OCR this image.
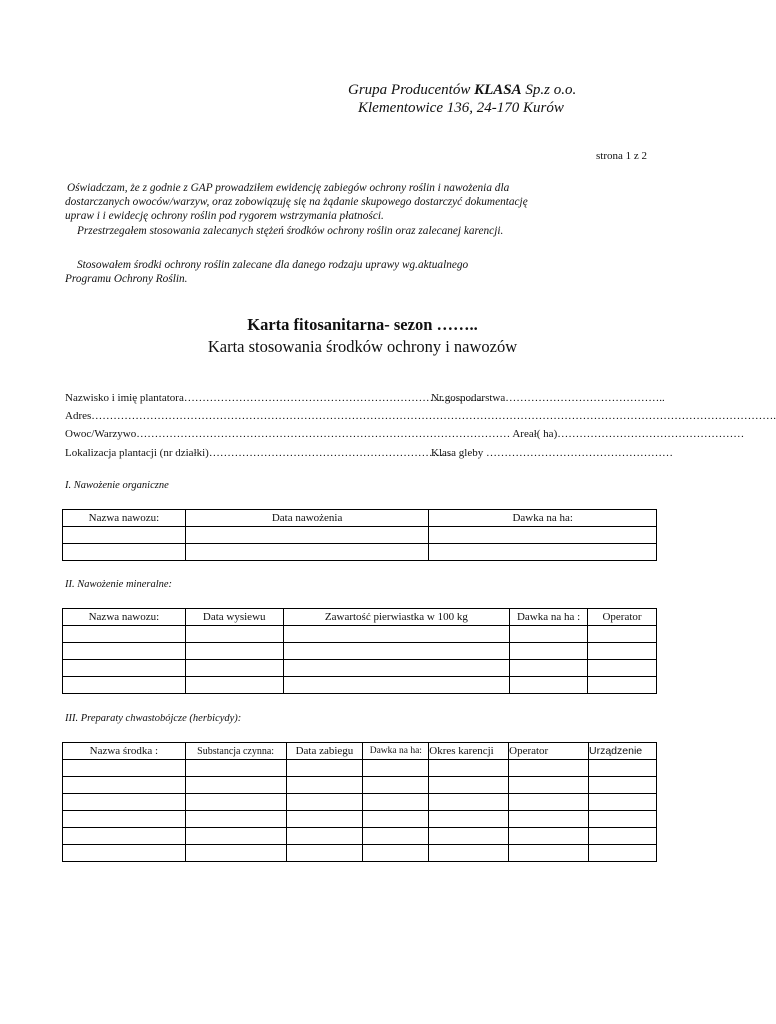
Grupa Producentów KLASA Sp.z o.o.
Klementowice 136, 24-170 Kurów
strona 1 z 2
Oświadczam, że z godnie z GAP prowadziłem ewidencję zabiegów ochrony roślin i nawożenia dla
dostarczanych owoców/warzyw, oraz zobowiązuję się na żądanie skupowego dostarczyć dokumentację
upraw i i ewidecję ochrony roślin pod rygorem wstrzymania płatności.
Przestrzegałem stosowania zalecanych stężeń środków ochrony roślin oraz zalecanej karencji.
Stosowałem środki ochrony roślin zalecane dla danego rodzaju uprawy wg.aktualnego
Programu Ochrony Roślin.
Karta fitosanitarna- sezon ……..
Karta stosowania środków ochrony i nawozów
Nazwisko i imię plantatora……………………………………………………………………….
Nr.gospodarstwa……………………………………..
Adres…………………………………………………………………………………………………………………………………………………………………….
Owoc/Warzywo………………………………………………………………………………………… Areał( ha)……………………………………………
Lokalizacja plantacji (nr działki)…………………………………………………………
Klasa gleby ……………………………………………
I. Nawożenie organiczne
Nazwa nawozu:	Data nawożenia	Dawka na ha:

II. Nawożenie mineralne:
Nazwa nawozu:	Data wysiewu	Zawartość pierwiastka w 100 kg	Dawka na ha :	Operator

III. Preparaty chwastobójcze (herbicydy):
Nazwa środka :	Substancja czynna:	Data zabiegu	Dawka na ha:	Okres karencji	Operator	Urządzenie
